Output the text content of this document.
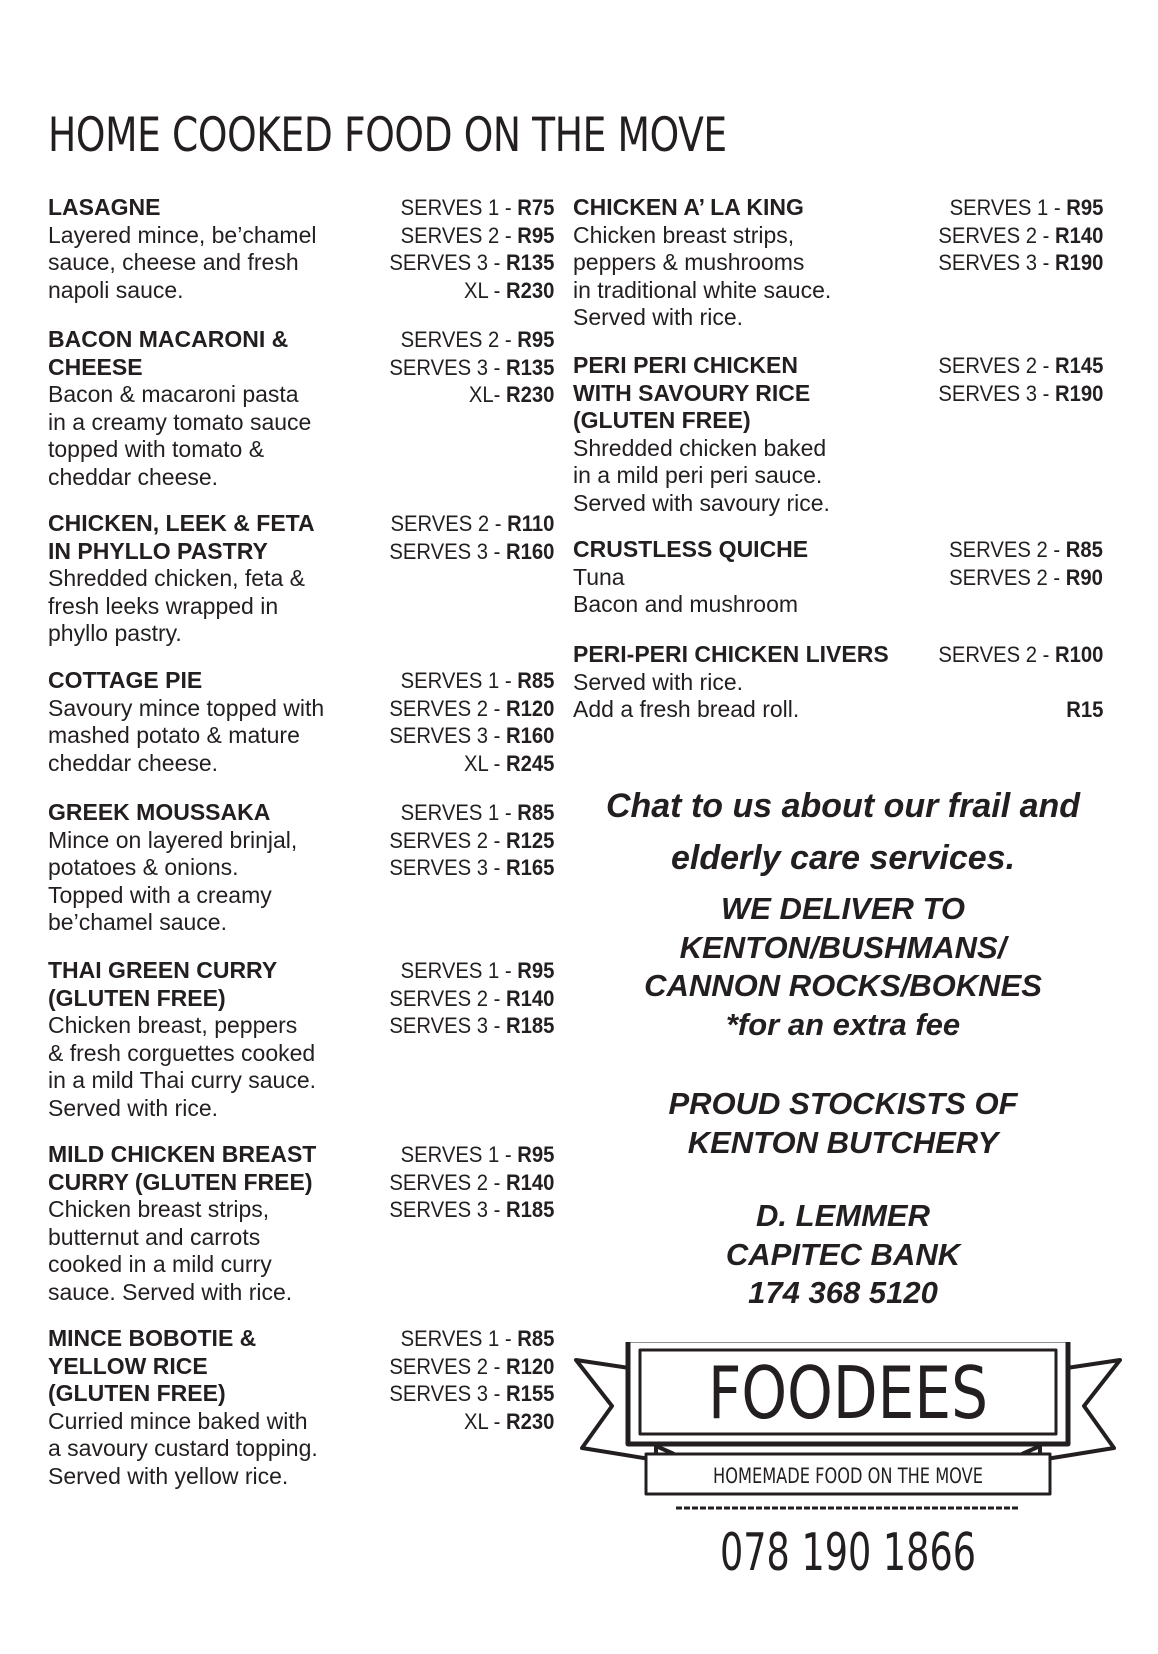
HOME COOKED FOOD ON THE MOVE
LASAGNE
Layered mince, be’chamel
sauce, cheese and fresh
napoli sauce.
SERVES 1 - R75
SERVES 2 - R95
SERVES 3 - R135
XL - R230
BACON MACARONI &
CHEESE
Bacon & macaroni pasta
in a creamy tomato sauce
topped with tomato &
cheddar cheese.
SERVES 2 - R95
SERVES 3 - R135
XL- R230
CHICKEN, LEEK & FETA
IN PHYLLO PASTRY
Shredded chicken, feta &
fresh leeks wrapped in
phyllo pastry.
SERVES 2 - R110
SERVES 3 - R160
COTTAGE PIE
Savoury mince topped with
mashed potato & mature
cheddar cheese.
SERVES 1 - R85
SERVES 2 - R120
SERVES 3 - R160
XL - R245
GREEK MOUSSAKA
Mince on layered brinjal,
potatoes & onions.
Topped with a creamy
be’chamel sauce.
SERVES 1 - R85
SERVES 2 - R125
SERVES 3 - R165
THAI GREEN CURRY
(GLUTEN FREE)
Chicken breast, peppers
& fresh corguettes cooked
in a mild Thai curry sauce.
Served with rice.
SERVES 1 - R95
SERVES 2 - R140
SERVES 3 - R185
MILD CHICKEN BREAST
CURRY (GLUTEN FREE)
Chicken breast strips,
butternut and carrots
cooked in a mild curry
sauce. Served with rice.
SERVES 1 - R95
SERVES 2 - R140
SERVES 3 - R185
MINCE BOBOTIE &
YELLOW RICE
(GLUTEN FREE)
Curried mince baked with
a savoury custard topping.
Served with yellow rice.
SERVES 1 - R85
SERVES 2 - R120
SERVES 3 - R155
XL - R230
CHICKEN A’ LA KING
Chicken breast strips,
peppers & mushrooms
in traditional white sauce.
Served with rice.
SERVES 1 - R95
SERVES 2 - R140
SERVES 3 - R190
PERI PERI CHICKEN
WITH SAVOURY RICE
(GLUTEN FREE)
Shredded chicken baked
in a mild peri peri sauce.
Served with savoury rice.
SERVES 2 - R145
SERVES 3 - R190
CRUSTLESS QUICHE
Tuna
Bacon and mushroom
SERVES 2 - R85
SERVES 2 - R90
PERI-PERI CHICKEN LIVERS
Served with rice.
Add a fresh bread roll.
SERVES 2 - R100

R15
Chat to us about our frail and
elderly care services.
WE DELIVER TO
KENTON/BUSHMANS/
CANNON ROCKS/BOKNES
*for an extra fee
PROUD STOCKISTS OF
KENTON BUTCHERY
D. LEMMER
CAPITEC BANK
174 368 5120
FOODEES
HOMEMADE FOOD ON THE MOVE
078 190 1866
